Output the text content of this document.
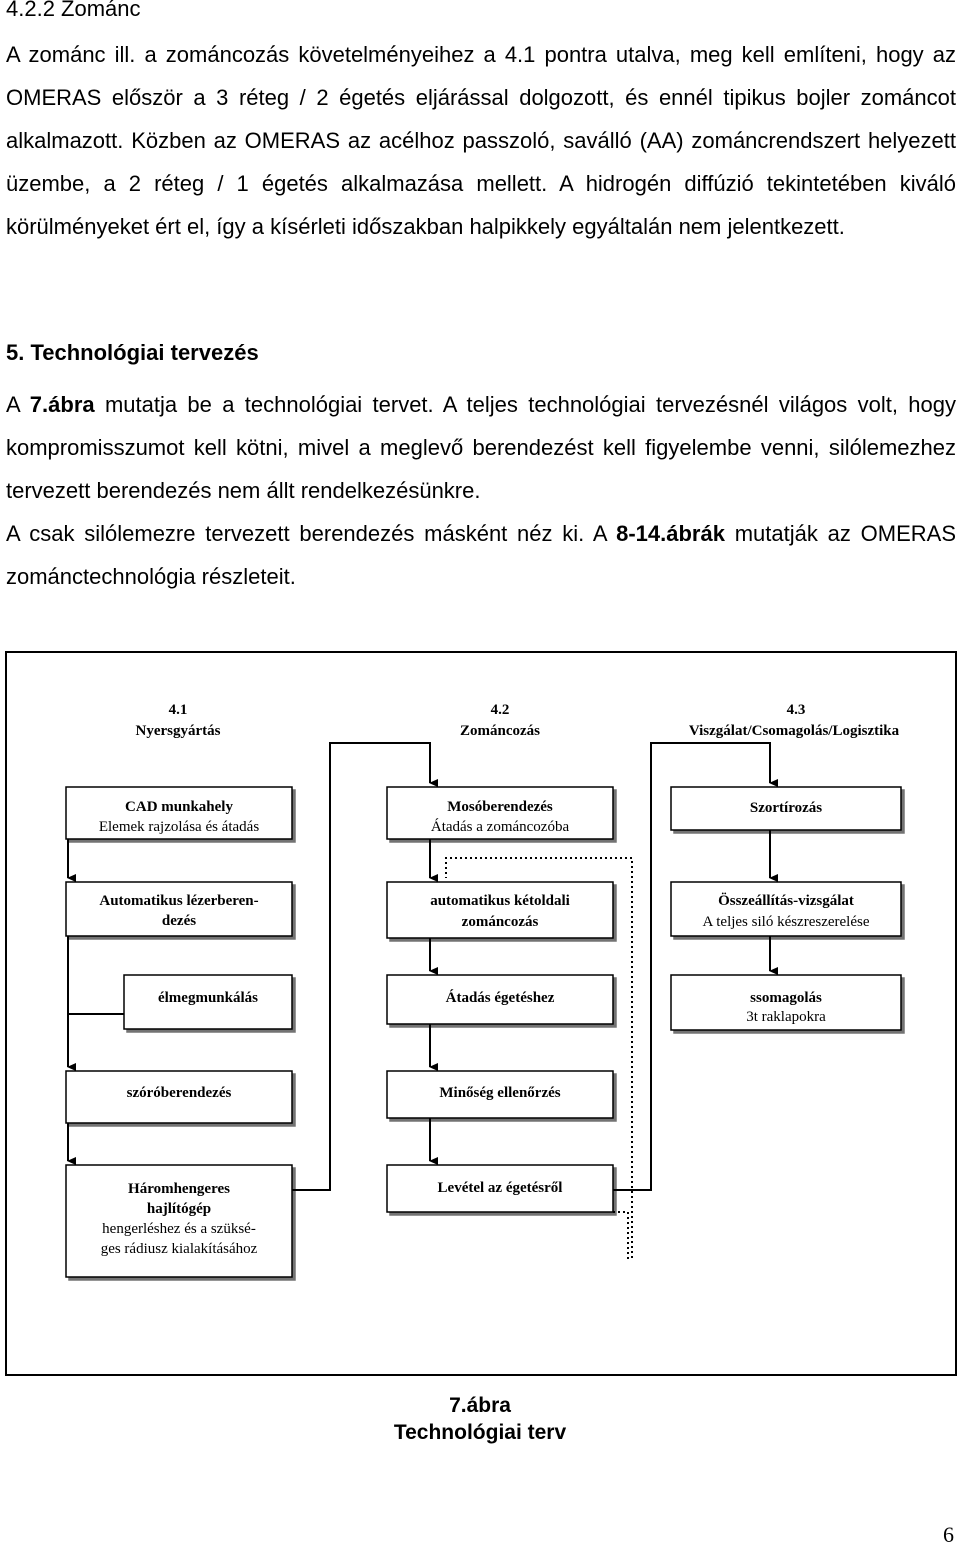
4.2.2 Zománc

A zománc ill. a zománcozás követelményeihez a 4.1 pontra utalva, meg kell említeni, hogy az OMERAS először a 3 réteg / 2 égetés eljárással dolgozott, és ennél tipikus bojler zománcot alkalmazott. Közben az OMERAS az acélhoz passzoló, saválló (AA) zománcrendszert helyezett üzembe, a 2 réteg / 1 égetés alkalmazása mellett. A hidrogén diffúzió tekintetében kiváló körülményeket ért el, így a kísérleti időszakban halpikkely egyáltalán nem jelentkezett.

5. Technológiai tervezés

A 7.ábra mutatja be a technológiai tervet. A teljes technológiai tervezésnél világos volt, hogy kompromisszumot kell kötni, mivel a meglevő berendezést kell figyelembe venni, silólemezhez tervezett berendezés nem állt rendelkezésünkre.

A csak silólemezre tervezett berendezés másként néz ki. A 8-14.ábrák mutatják az OMERAS zománctechnológia részleteit.

4.1
Nyersgyártás
4.2
Zománcozás
4.3
Viszgálat/Csomagolás/Logisztika
CAD munkahely
Elemek rajzolása és átadás
Automatikus lézerberen-
dezés
élmegmunkálás
szóróberendezés
Háromhengeres
hajlítógép
hengerléshez és a szüksé-
ges rádiusz kialakításához
Mosóberendezés
Átadás a zománcozóba
automatikus kétoldali
zománcozás
Átadás égetéshez
Minőség ellenőrzés
Levétel az égetésről
Szortírozás
Összeállítás-vizsgálat
A teljes siló készreszerelése
ssomagolás
3t raklapokra
7.ábra
Technológiai terv
6
